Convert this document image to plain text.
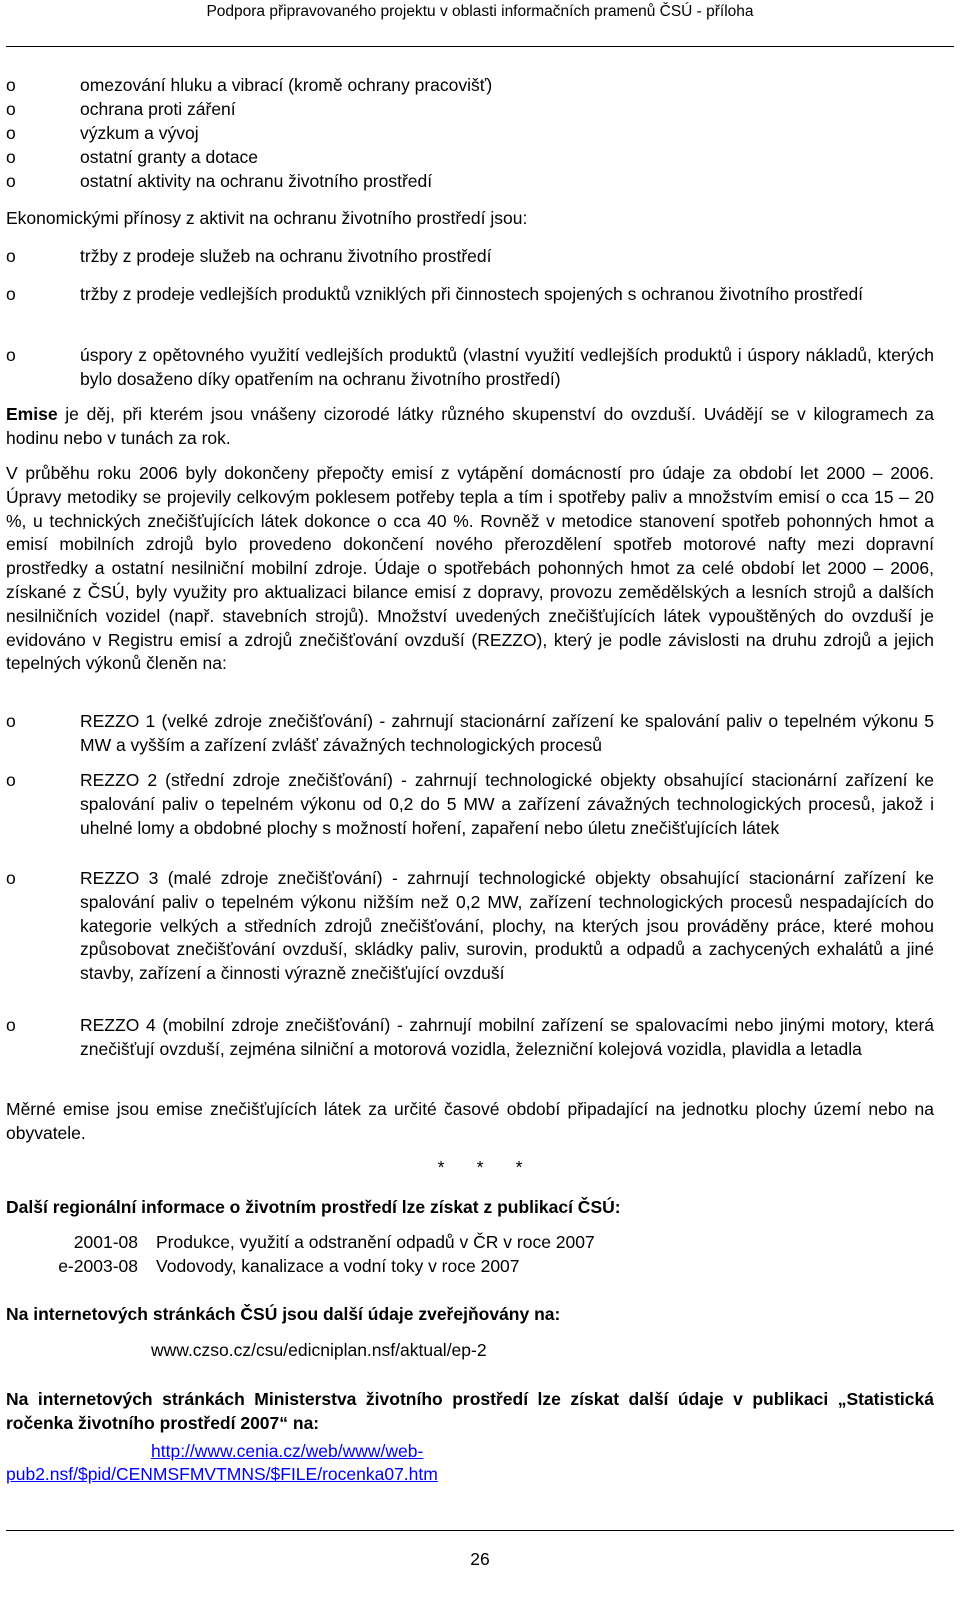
Podpora připravovaného projektu v oblasti informačních pramenů ČSÚ - příloha
o	omezování hluku a vibrací (kromě ochrany pracovišť)
o	ochrana proti záření
o	výzkum a vývoj
o	ostatní granty a dotace
o	ostatní aktivity na ochranu životního prostředí
Ekonomickými přínosy z aktivit na ochranu životního prostředí jsou:
o	tržby z prodeje služeb na ochranu životního prostředí
o	tržby z prodeje vedlejších produktů vzniklých při činnostech spojených s ochranou životního prostředí
o	úspory z opětovného využití vedlejších produktů (vlastní využití vedlejších produktů i úspory nákladů, kterých bylo dosaženo díky opatřením na ochranu životního prostředí)
Emise je děj, při kterém jsou vnášeny cizorodé látky různého skupenství do ovzduší. Uvádějí se v kilogramech za hodinu nebo v tunách za rok.
V průběhu roku 2006 byly dokončeny přepočty emisí z vytápění domácností pro údaje za období let 2000 – 2006. Úpravy metodiky se projevily celkovým poklesem potřeby tepla a tím i spotřeby paliv a množstvím emisí o cca 15 – 20 %, u technických znečišťujících látek dokonce o cca 40 %. Rovněž v metodice stanovení spotřeb pohonných hmot a emisí mobilních zdrojů bylo provedeno dokončení nového přerozdělení spotřeb motorové nafty mezi dopravní prostředky a ostatní nesilniční mobilní zdroje. Údaje o spotřebách pohonných hmot za celé období let 2000 – 2006, získané z ČSÚ, byly využity pro aktualizaci bilance emisí z dopravy, provozu zemědělských a lesních strojů a dalších nesilničních vozidel (např. stavebních strojů). Množství uvedených znečišťujících látek vypouštěných do ovzduší je evidováno v Registru emisí a zdrojů znečišťování ovzduší (REZZO), který je podle závislosti na druhu zdrojů a jejich tepelných výkonů členěn na:
o	REZZO 1 (velké zdroje znečišťování) - zahrnují stacionární zařízení ke spalování paliv o tepelném výkonu 5 MW a vyšším a zařízení zvlášť závažných technologických procesů
o	REZZO 2 (střední zdroje znečišťování) - zahrnují technologické objekty obsahující stacionární zařízení ke spalování paliv o tepelném výkonu od 0,2 do 5 MW a zařízení závažných technologických procesů, jakož i uhelné lomy a obdobné plochy s možností hoření, zapaření nebo úletu znečišťujících látek
o	REZZO 3 (malé zdroje znečišťování) - zahrnují technologické objekty obsahující stacionární zařízení ke spalování paliv o tepelném výkonu nižším než 0,2 MW, zařízení technologických procesů nespadajících do kategorie velkých a středních zdrojů znečišťování, plochy, na kterých jsou prováděny práce, které mohou způsobovat znečišťování ovzduší, skládky paliv, surovin, produktů a odpadů a zachycených exhalátů a jiné stavby, zařízení a činnosti výrazně znečišťující ovzduší
o	REZZO 4 (mobilní zdroje znečišťování) - zahrnují mobilní zařízení se spalovacími nebo jinými motory, která znečišťují ovzduší, zejména silniční a motorová vozidla, železniční kolejová vozidla, plavidla a letadla
Měrné emise jsou emise znečišťujících látek za určité časové období připadající na jednotku plochy území nebo na obyvatele.
* * *
Další regionální informace o životním prostředí lze získat z publikací ČSÚ:
2001-08 Produkce, využití a odstranění odpadů v ČR v roce 2007
e-2003-08 Vodovody, kanalizace a vodní toky v roce 2007
Na internetových stránkách ČSÚ jsou další údaje zveřejňovány na:
www.czso.cz/csu/edicniplan.nsf/aktual/ep-2
Na internetových stránkách Ministerstva životního prostředí lze získat další údaje v publikaci „Statistická ročenka životního prostředí 2007“ na:
http://www.cenia.cz/web/www/web-
pub2.nsf/$pid/CENMSFMVTMNS/$FILE/rocenka07.htm
26
